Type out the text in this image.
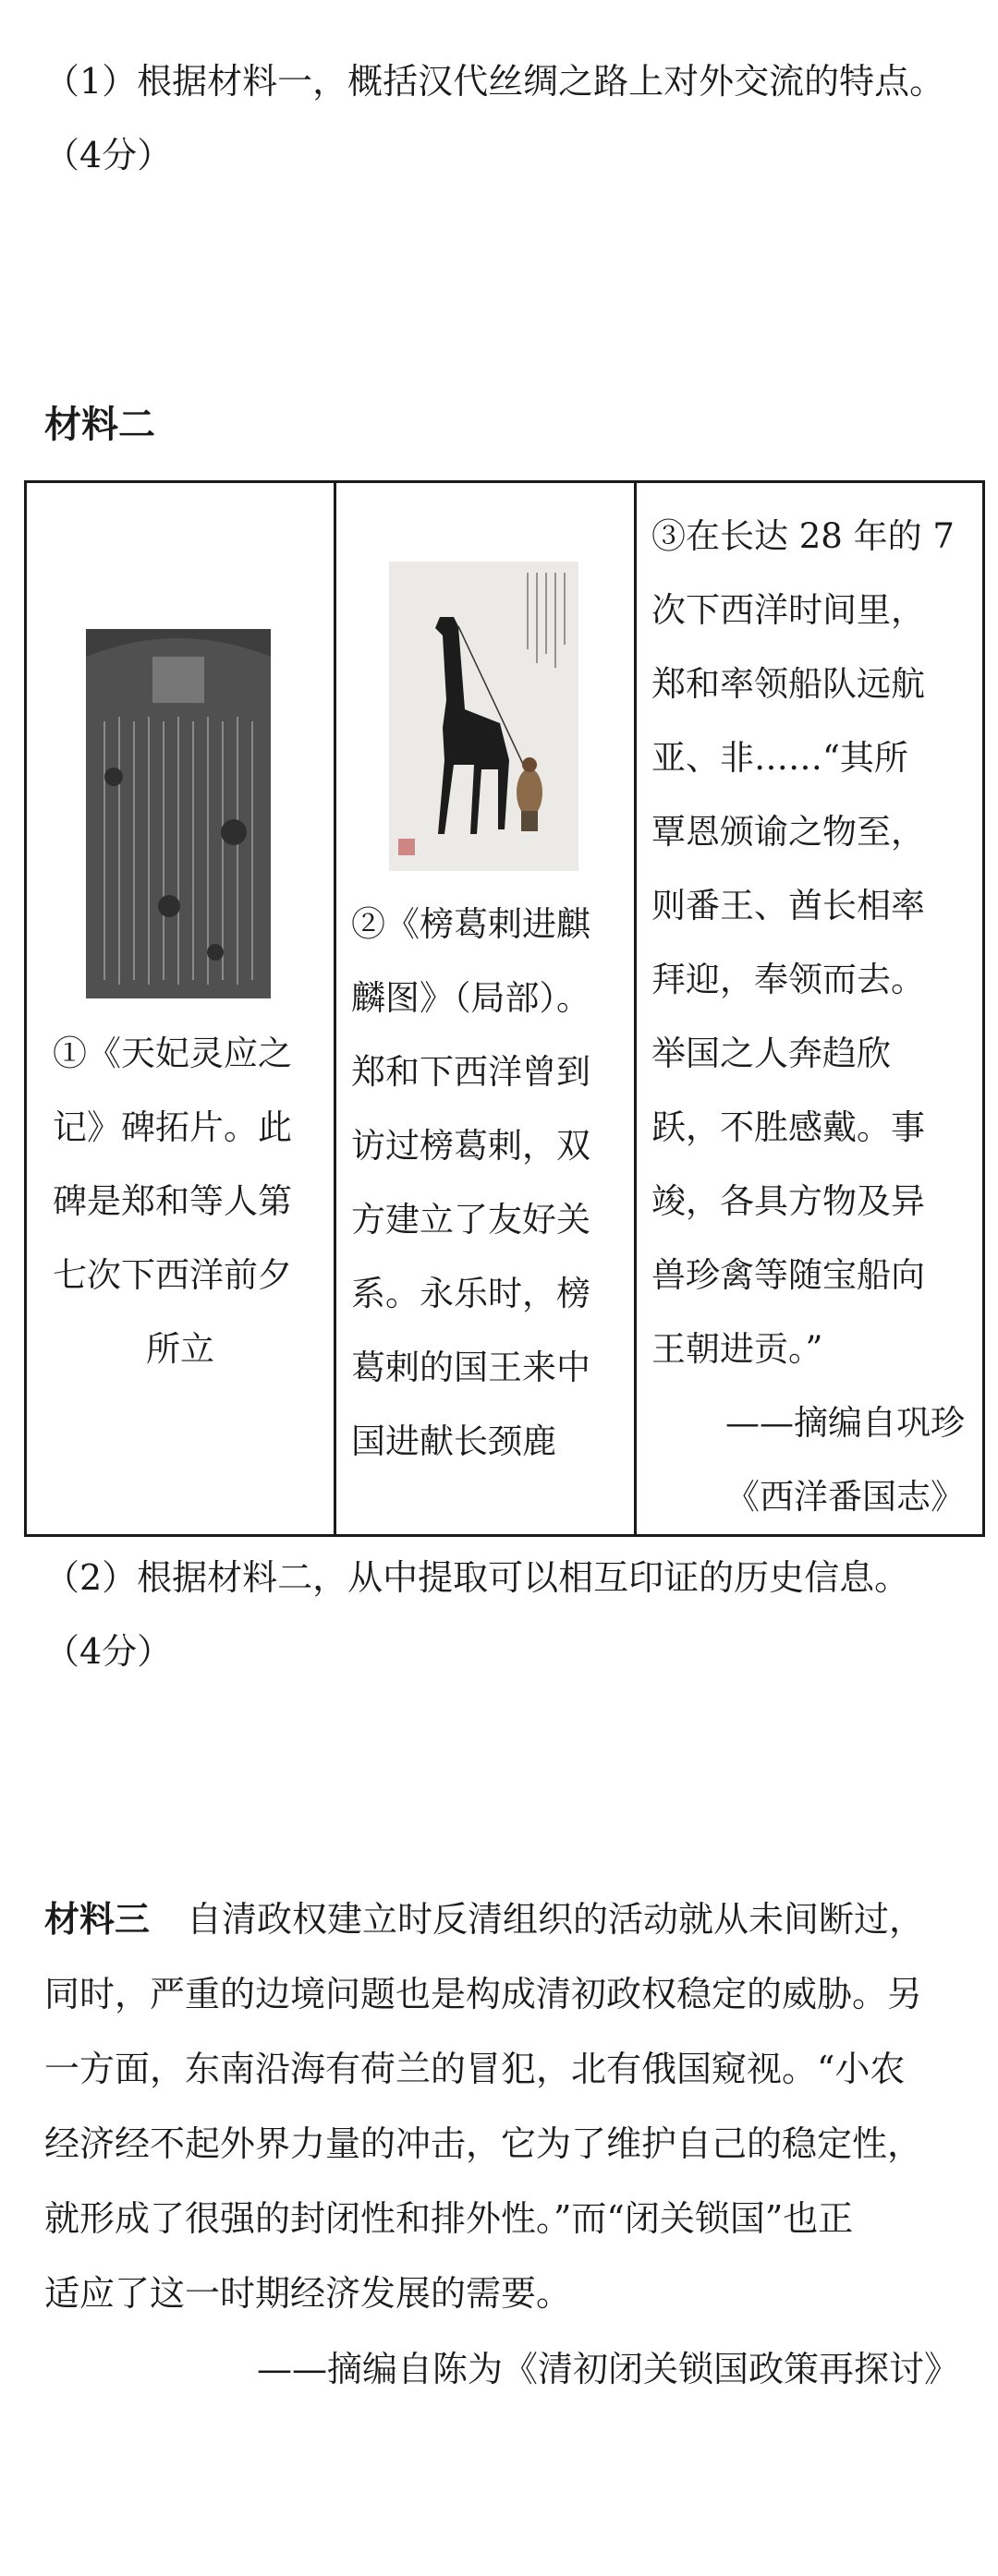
（1）根据材料一，概括汉代丝绸之路上对外交流的特点。
（4分）
材料二
①《天妃灵应之
记》碑拓片。此
碑是郑和等人第
七次下西洋前夕
所立
②《榜葛剌进麒
麟图》（局部）。
郑和下西洋曾到
访过榜葛剌，双
方建立了友好关
系。永乐时，榜
葛剌的国王来中
国进献长颈鹿
③在长达 28 年的 7
次下西洋时间里，
郑和率领船队远航
亚、非……“其所
覃恩颁谕之物至，
则番王、酋长相率
拜迎，奉领而去。
举国之人奔趋欣
跃，不胜感戴。事
竣，各具方物及异
兽珍禽等随宝船向
王朝进贡。”
——摘编自巩珍
《西洋番国志》
（2）根据材料二，从中提取可以相互印证的历史信息。
（4分）
材料三 自清政权建立时反清组织的活动就从未间断过，
同时，严重的边境问题也是构成清初政权稳定的威胁。另
一方面，东南沿海有荷兰的冒犯，北有俄国窥视。“小农
经济经不起外界力量的冲击，它为了维护自己的稳定性，
就形成了很强的封闭性和排外性。”而“闭关锁国”也正
适应了这一时期经济发展的需要。
——摘编自陈为《清初闭关锁国政策再探讨》
